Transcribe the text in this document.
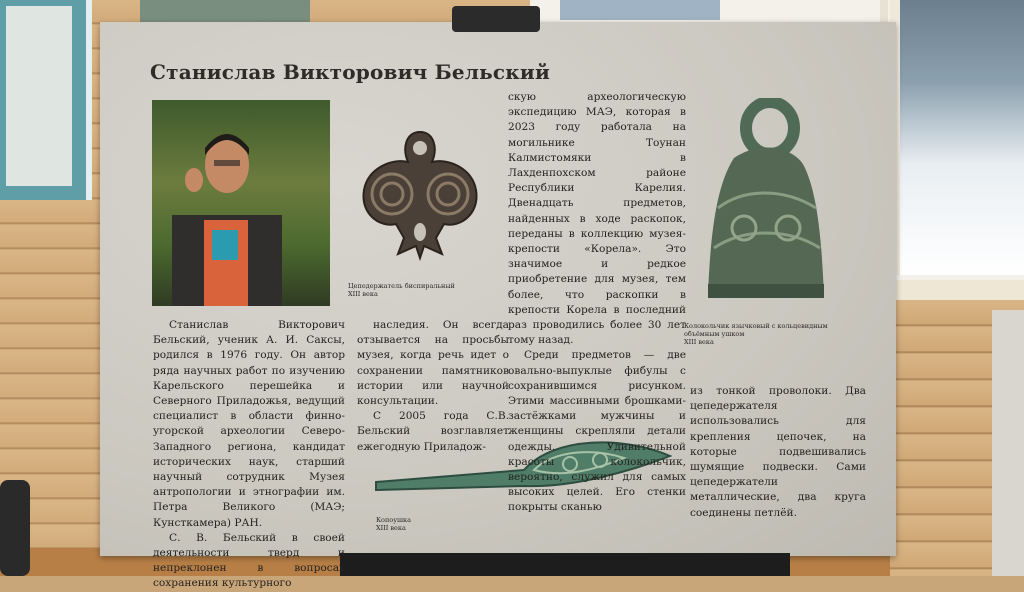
Станислав Викторович Бельский
Цепедержатель биспиральный
XIII века
Колокольчик язычковый с кольцевидным
объёмным ушком
XIII века
Копоушка
XIII века

Станислав Викторович Бельский, ученик А. И. Саксы, родился в 1976 году. Он автор ряда научных работ по изучению Карельского перешейка и Северного Приладожья, ведущий специалист в области финно-угорской археологии Северо-Западного региона, кандидат исторических наук, старший научный сотрудник Музея антропологии и этнографии им. Петра Великого (МАЭ; Кунсткамера) РАН.

С. В. Бельский в своей деятельности тверд и непреклонен в вопросах сохранения культурного

наследия. Он всегда отзывается на просьбы музея, когда речь идет о сохранении памятников истории или научной консультации.

С 2005 года С.В. Бельский возглавляет ежегодную Приладож-

скую археологическую экспедицию МАЭ, которая в 2023 году работала на могильнике Тоунан Калмистомяки в Лахденпохском районе Республики Карелия. Двенадцать предметов, найденных в ходе раскопок, переданы в коллекцию музея-крепости «Корела». Это значимое и редкое приобретение для музея, тем более, что раскопки в крепости Корела в последний раз проводились более 30 лет тому назад.

Среди предметов — две овально-выпуклые фибулы с сохранившимся рисунком. Этими массивными брошками-застёжками мужчины и женщины скрепляли детали одежды. Удивительной красоты колокольчик, вероятно, служил для самых высоких целей. Его стенки покрыты сканью

из тонкой проволоки. Два цепедержателя использовались для крепления цепочек, на которые подвешивались шумящие подвески. Сами цепедержатели металлические, два круга соединены петлёй.
